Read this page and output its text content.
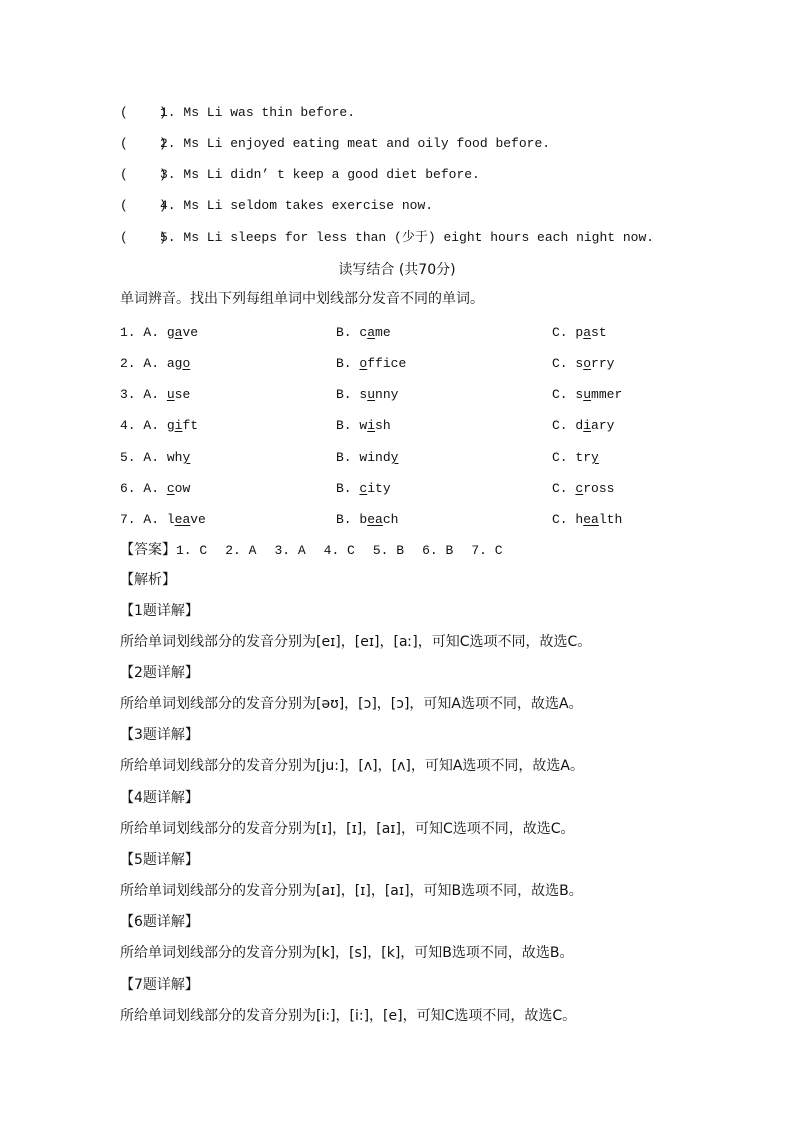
(    )1. Ms Li was thin before.
(    )2. Ms Li enjoyed eating meat and oily food before.
(    )3. Ms Li didn’ t keep a good diet before.
(    )4. Ms Li seldom takes exercise now.
(    )5. Ms Li sleeps for less than (少于) eight hours each night now.
读写结合 (共70分)
单词辨音。找出下列每组单词中划线部分发音不同的单词。
1. A. gave	B. came	C. past
2. A. ago	B. office	C. sorry
3. A. use	B. sunny	C. summer
4. A. gift	B. wish	C. diary
5. A. why	B. windy	C. try
6. A. cow	B. city	C. cross
7. A. leave	B. beach	C. health
【答案】1. C 2. A 3. A 4. C 5. B 6. B 7. C
【解析】
【1题详解】
所给单词划线部分的发音分别为[eɪ]，[eɪ]，[aː]，可知C选项不同，故选C。
【2题详解】
所给单词划线部分的发音分别为[əʊ]，[ɔ]，[ɔ]，可知A选项不同，故选A。
【3题详解】
所给单词划线部分的发音分别为[ju:]，[ʌ]，[ʌ]，可知A选项不同，故选A。
【4题详解】
所给单词划线部分的发音分别为[ɪ]，[ɪ]，[aɪ]，可知C选项不同，故选C。
【5题详解】
所给单词划线部分的发音分别为[aɪ]，[ɪ]，[aɪ]，可知B选项不同，故选B。
【6题详解】
所给单词划线部分的发音分别为[k]，[s]，[k]，可知B选项不同，故选B。
【7题详解】
所给单词划线部分的发音分别为[i:]，[i:]，[e]，可知C选项不同，故选C。
